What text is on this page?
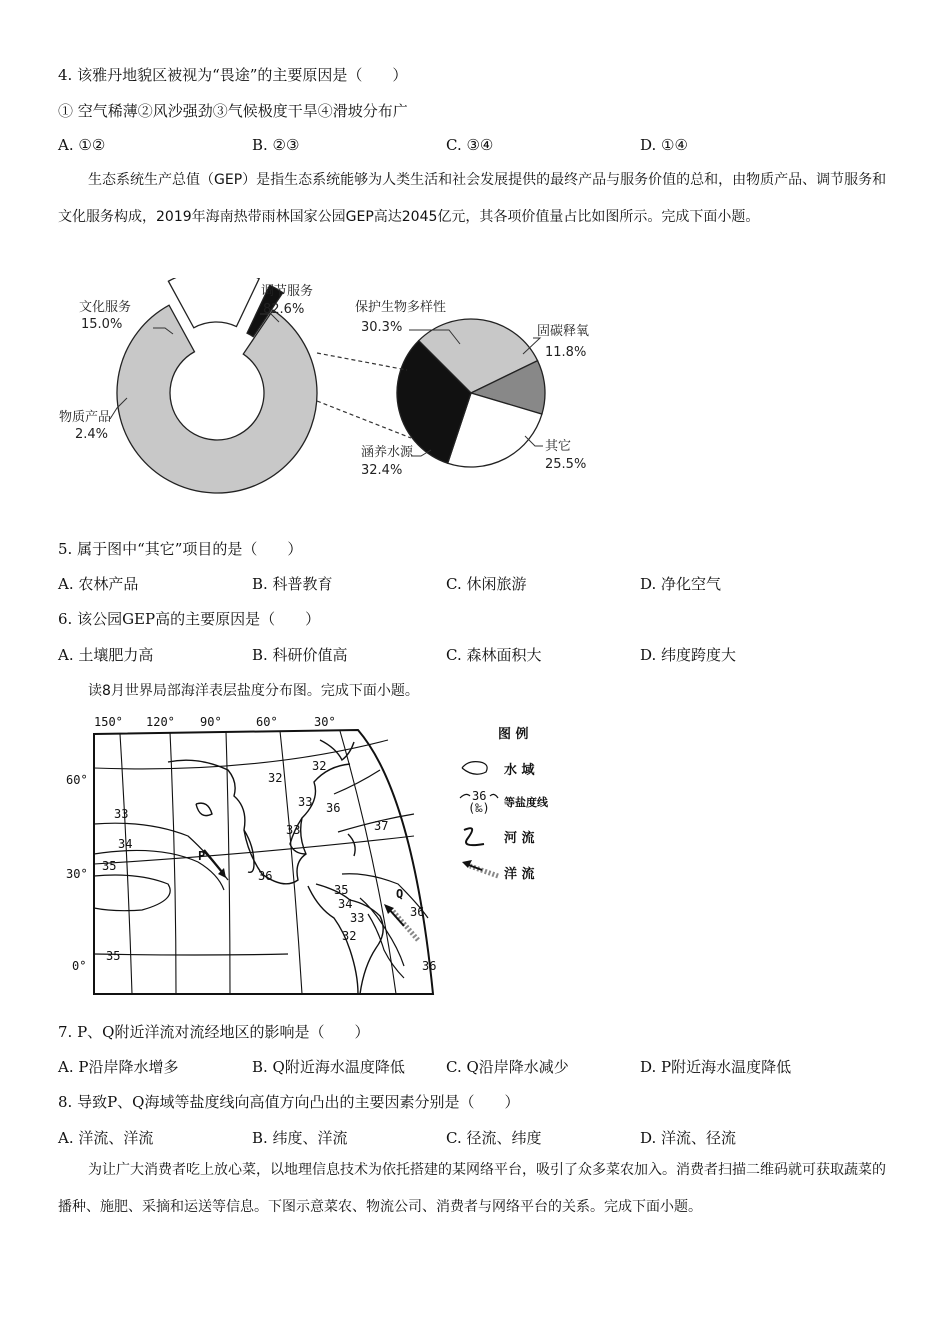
4. 该雅丹地貌区被视为“畏途”的主要原因是（　　）
① 空气稀薄②风沙强劲③气候极度干旱④滑坡分布广
A. ①②	B. ②③	C. ③④	D. ①④
生态系统生产总值（GEP）是指生态系统能够为人类生活和社会发展提供的最终产品与服务价值的总和，由物质产品、调节服务和文化服务构成，2019年海南热带雨林国家公园GEP高达2045亿元，其各项价值量占比如图所示。完成下面小题。
文化服务
15.0%
调节服务
82.6%
物质产品
2.4%
保护生物多样性
30.3%	固碳释氧
11.8%
其它
25.5%
涵养水源
32.4%
5. 属于图中“其它”项目的是（　　）
A. 农林产品	B. 科普教育	C. 休闲旅游	D. 净化空气
6. 该公园GEP高的主要原因是（　　）
A. 土壤肥力高	B. 科研价值高	C. 森林面积大	D. 纬度跨度大
读8月世界局部海洋表层盐度分布图。完成下面小题。
150° 120° 90°	60°	30°
60°
30°
0°
32
32
33
34
35
33
36
37
33
36
35
34
33
32
36
35
36
P
Q
图 例
水 域
36
(‰) 等盐度线
河 流
洋 流
7. P、Q附近洋流对流经地区的影响是（　　）
A. P沿岸降水增多	B. Q附近海水温度降低	C. Q沿岸降水减少	D. P附近海水温度降低
8. 导致P、Q海域等盐度线向高值方向凸出的主要因素分别是（　　）
A. 洋流、洋流	B. 纬度、洋流	C. 径流、纬度	D. 洋流、径流
为让广大消费者吃上放心菜，以地理信息技术为依托搭建的某网络平台，吸引了众多菜农加入。消费者扫描二维码就可获取蔬菜的播种、施肥、采摘和运送等信息。下图示意菜农、物流公司、消费者与网络平台的关系。完成下面小题。
